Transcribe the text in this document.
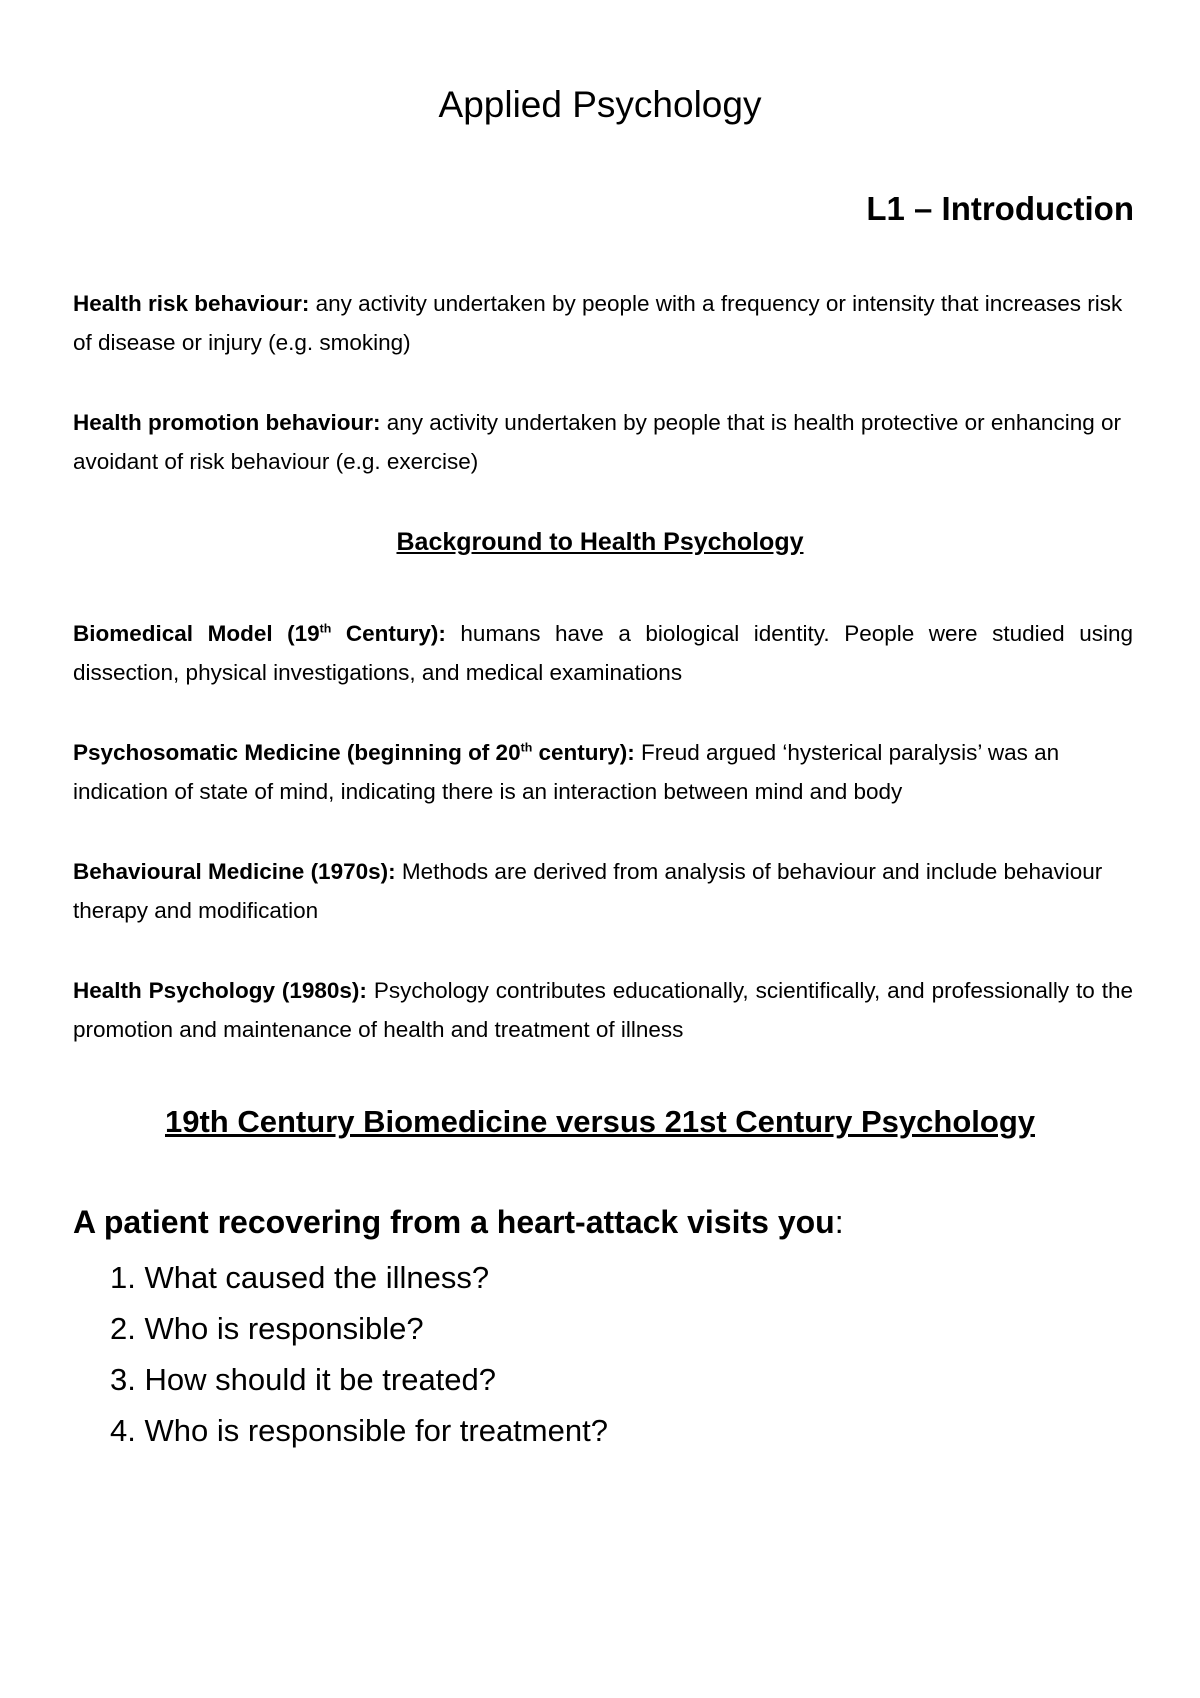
Applied Psychology
L1 – Introduction

Health risk behaviour: any activity undertaken by people with a frequency or intensity that increases risk of disease or injury (e.g. smoking)

Health promotion behaviour: any activity undertaken by people that is health protective or enhancing or avoidant of risk behaviour (e.g. exercise)

Background to Health Psychology

Biomedical Model (19th Century): humans have a biological identity. People were studied using dissection, physical investigations, and medical examinations

Psychosomatic Medicine (beginning of 20th century): Freud argued ‘hysterical paralysis’ was an indication of state of mind, indicating there is an interaction between mind and body

Behavioural Medicine (1970s): Methods are derived from analysis of behaviour and include behaviour therapy and modification

Health Psychology (1980s): Psychology contributes educationally, scientifically, and professionally to the promotion and maintenance of health and treatment of illness

19th Century Biomedicine versus 21st Century Psychology
A patient recovering from a heart-attack visits you:
1. What caused the illness?
2. Who is responsible?
3. How should it be treated?
4. Who is responsible for treatment?
